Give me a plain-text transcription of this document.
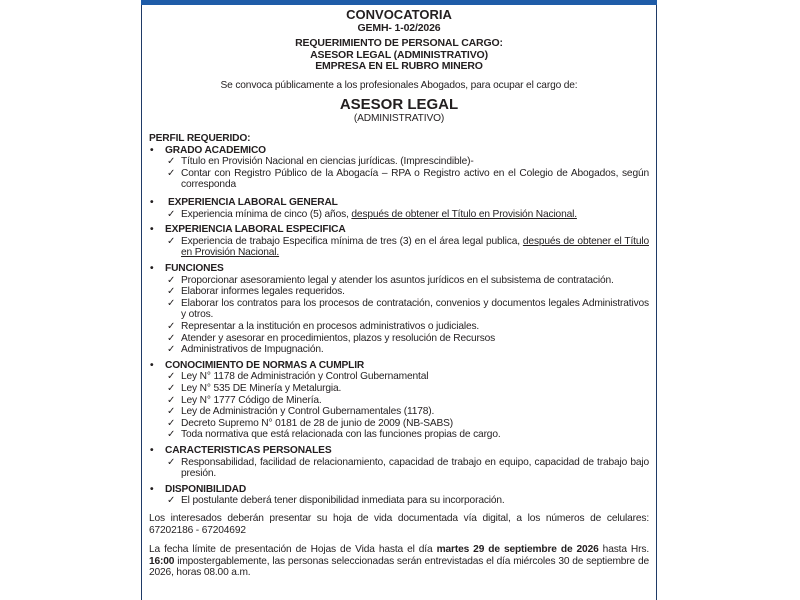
CONVOCATORIA
GEMH- 1-02/2026
REQUERIMIENTO DE PERSONAL CARGO:
ASESOR LEGAL (ADMINISTRATIVO)
EMPRESA EN EL RUBRO MINERO
Se convoca públicamente a los profesionales Abogados, para ocupar el cargo de:
ASESOR LEGAL
(ADMINISTRATIVO)
PERFIL REQUERIDO:
• GRADO ACADEMICO
✓ Título en Provisión Nacional en ciencias jurídicas. (Imprescindible)-
✓ Contar con Registro Público de la Abogacía – RPA o Registro activo en el Colegio de Abogados, según corresponda
• EXPERIENCIA LABORAL GENERAL
✓ Experiencia mínima de cinco (5) años, después de obtener el Título en Provisión Nacional.
• EXPERIENCIA LABORAL ESPECIFICA
✓ Experiencia de trabajo Especifica mínima de tres (3) en el área legal publica, después de obtener el Título en Provisión Nacional.
• FUNCIONES
✓ Proporcionar asesoramiento legal y atender los asuntos jurídicos en el subsistema de contratación.
✓ Elaborar informes legales requeridos.
✓ Elaborar los contratos para los procesos de contratación, convenios y documentos legales Administrativos y otros.
✓ Representar a la institución en procesos administrativos o judiciales.
✓ Atender y asesorar en procedimientos, plazos y resolución de Recursos
✓ Administrativos de Impugnación.
• CONOCIMIENTO DE NORMAS A CUMPLIR
✓ Ley N° 1178 de Administración y Control Gubernamental
✓ Ley N° 535 DE Minería y Metalurgia.
✓ Ley N° 1777 Código de Minería.
✓ Ley de Administración y Control Gubernamentales (1178).
✓ Decreto Supremo N° 0181 de 28 de junio de 2009 (NB-SABS)
✓ Toda normativa que está relacionada con las funciones propias de cargo.
• CARACTERISTICAS PERSONALES
✓ Responsabilidad, facilidad de relacionamiento, capacidad de trabajo en equipo, capacidad de trabajo bajo presión.
• DISPONIBILIDAD
✓ El postulante deberá tener disponibilidad inmediata para su incorporación.
Los interesados deberán presentar su hoja de vida documentada vía digital, a los números de celulares: 67202186 - 67204692
La fecha límite de presentación de Hojas de Vida hasta el día martes 29 de septiembre de 2026 hasta Hrs. 16:00 impostergablemente, las personas seleccionadas serán entrevistadas el día miércoles 30 de septiembre de 2026, horas 08.00 a.m.
